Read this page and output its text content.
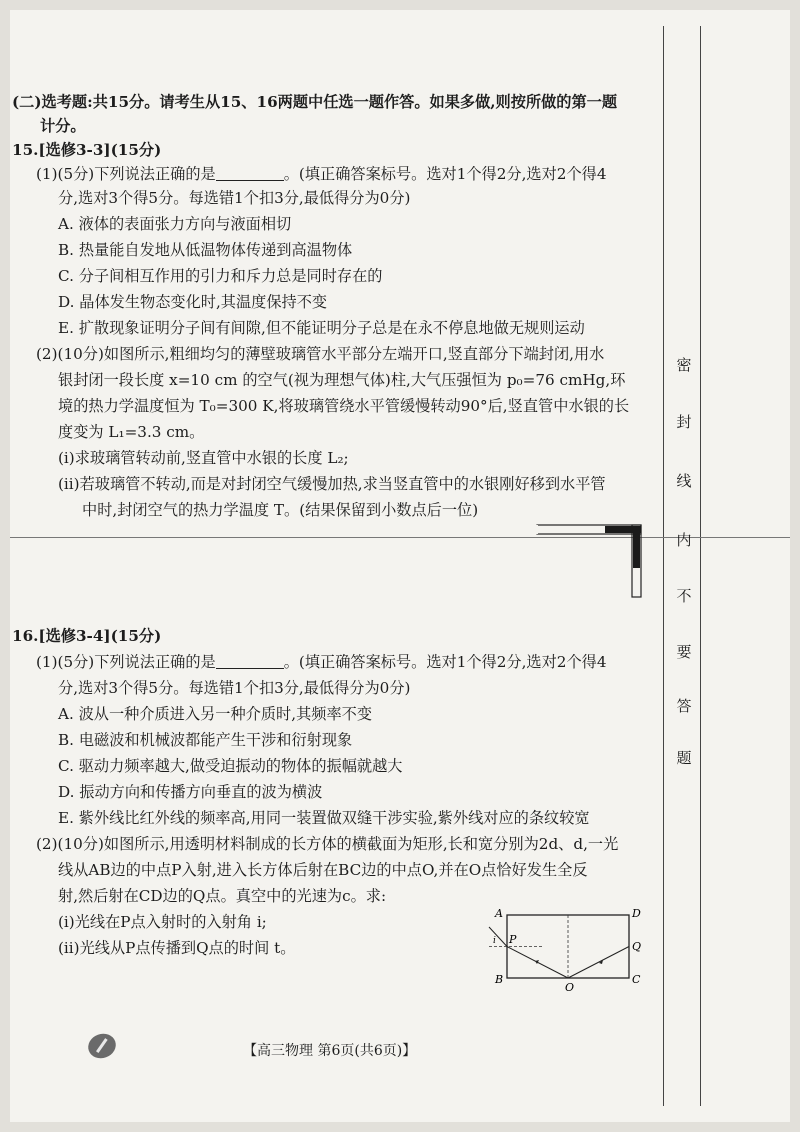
密
封
线
内
不
要
答
题
(二)选考题:共15分。请考生从15、16两题中任选一题作答。如果多做,则按所做的第一题
计分。
15.[选修3-3](15分)
(1)(5分)下列说法正确的是	。(填正确答案标号。选对1个得2分,选对2个得4
分,选对3个得5分。每选错1个扣3分,最低得分为0分)
A. 液体的表面张力方向与液面相切
B. 热量能自发地从低温物体传递到高温物体
C. 分子间相互作用的引力和斥力总是同时存在的
D. 晶体发生物态变化时,其温度保持不变
E. 扩散现象证明分子间有间隙,但不能证明分子总是在永不停息地做无规则运动
(2)(10分)如图所示,粗细均匀的薄壁玻璃管水平部分左端开口,竖直部分下端封闭,用水
银封闭一段长度 x=10 cm 的空气(视为理想气体)柱,大气压强恒为 p₀=76 cmHg,环
境的热力学温度恒为 T₀=300 K,将玻璃管绕水平管缓慢转动90°后,竖直管中水银的长
度变为 L₁=3.3 cm。
(ⅰ)求玻璃管转动前,竖直管中水银的长度 L₂;
(ⅱ)若玻璃管不转动,而是对封闭空气缓慢加热,求当竖直管中的水银刚好移到水平管
中时,封闭空气的热力学温度 T。(结果保留到小数点后一位)
16.[选修3-4](15分)
(1)(5分)下列说法正确的是	。(填正确答案标号。选对1个得2分,选对2个得4
分,选对3个得5分。每选错1个扣3分,最低得分为0分)
A. 波从一种介质进入另一种介质时,其频率不变
B. 电磁波和机械波都能产生干涉和衍射现象
C. 驱动力频率越大,做受迫振动的物体的振幅就越大
D. 振动方向和传播方向垂直的波为横波
E. 紫外线比红外线的频率高,用同一装置做双缝干涉实验,紫外线对应的条纹较宽
(2)(10分)如图所示,用透明材料制成的长方体的横截面为矩形,长和宽分别为2d、d,一光
线从AB边的中点P入射,进入长方体后射在BC边的中点O,并在O点恰好发生全反
射,然后射在CD边的Q点。真空中的光速为c。求:
(ⅰ)光线在P点入射时的入射角 i;
(ⅱ)光线从P点传播到Q点的时间 t。
A	D
B	C
P
Q
O
i
【高三物理 第6页(共6页)】
